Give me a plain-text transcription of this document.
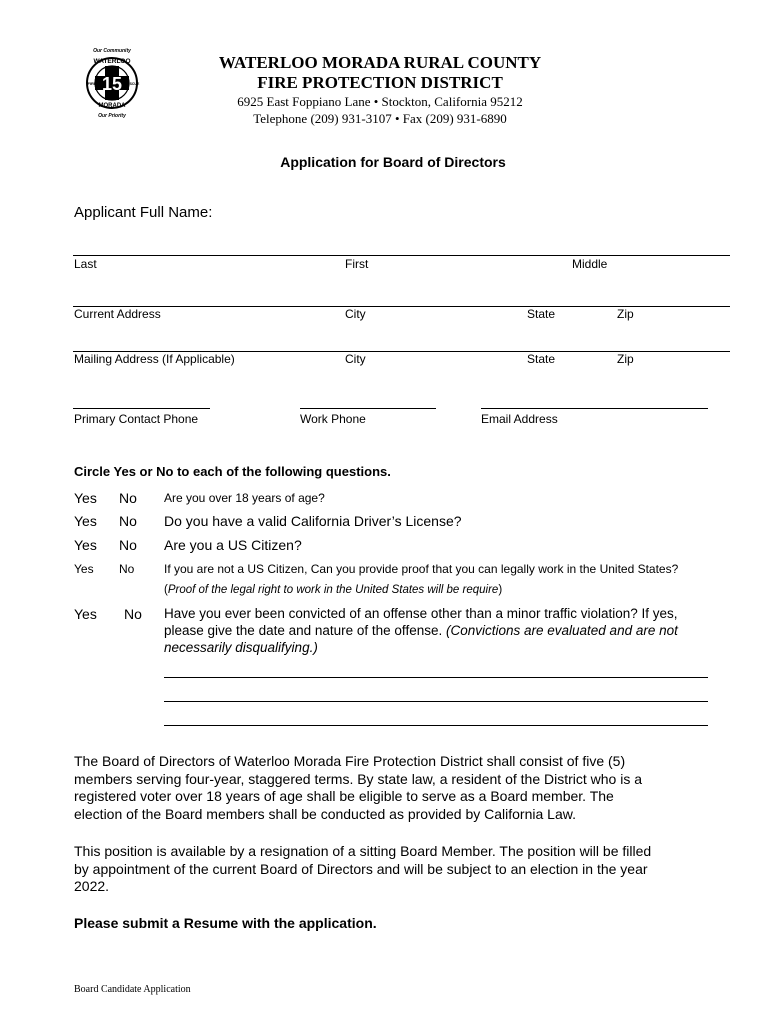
Our Community
15
WATERLOO
MORADA
FIRE	RESCUE
Our Priority
WATERLOO MORADA RURAL COUNTY
FIRE PROTECTION DISTRICT
6925 East Foppiano Lane • Stockton, California 95212
Telephone (209) 931-3107 • Fax (209) 931-6890
Application for Board of Directors
Applicant Full Name:
Last	First	Middle
Current Address	City	State	Zip
Mailing Address (If Applicable)	City	State	Zip
Primary Contact Phone	Work Phone	Email Address
Circle Yes or No to each of the following questions.
Yes No Are you over 18 years of age?
Yes No Do you have a valid California Driver’s License?
Yes No Are you a US Citizen?
Yes No If you are not a US Citizen, Can you provide proof that you can legally work in the United States?
(Proof of the legal right to work in the United States will be require)
Yes No Have you ever been convicted of an offense other than a minor traffic violation? If yes,
please give the date and nature of the offense. (Convictions are evaluated and are not
necessarily disqualifying.)
The Board of Directors of Waterloo Morada Fire Protection District shall consist of five (5)
members serving four-year, staggered terms. By state law, a resident of the District who is a
registered voter over 18 years of age shall be eligible to serve as a Board member. The
election of the Board members shall be conducted as provided by California Law.
This position is available by a resignation of a sitting Board Member. The position will be filled
by appointment of the current Board of Directors and will be subject to an election in the year
2022.
Please submit a Resume with the application.
Board Candidate Application
